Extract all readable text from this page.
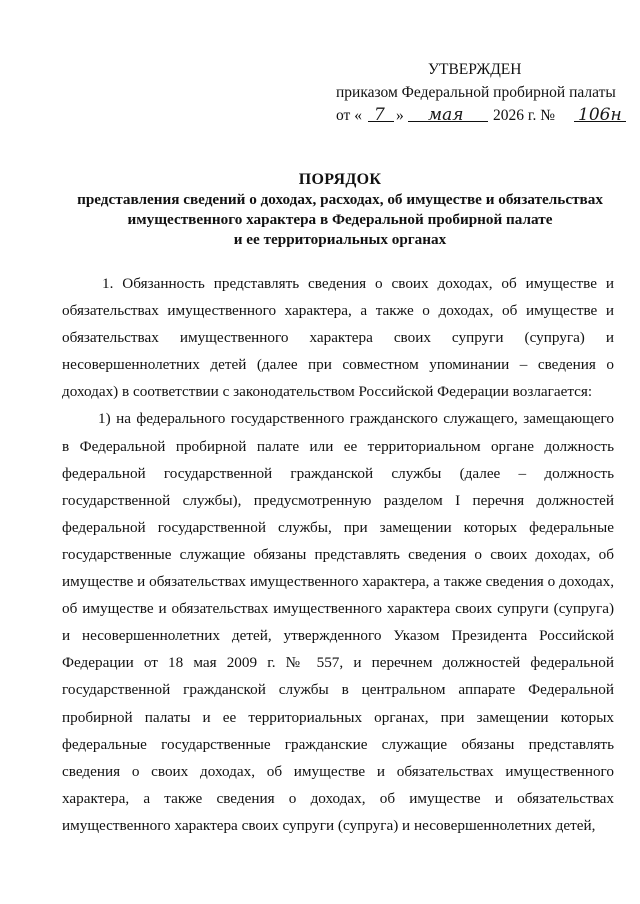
УТВЕРЖДЕН
приказом Федеральной пробирной палаты
от « 7 » мая 2026 г. № 106н
ПОРЯДОК
представления сведений о доходах, расходах, об имуществе и обязательствах
имущественного характера в Федеральной пробирной палате
и ее территориальных органах

1. Обязанность представлять сведения о своих доходах, об имуществе и обязательствах имущественного характера, а также о доходах, об имуществе и обязательствах имущественного характера своих супруги (супруга) и несовершеннолетних детей (далее при совместном упоминании – сведения о доходах) в соответствии с законодательством Российской Федерации возлагается:

1) на федерального государственного гражданского служащего, замещающего в Федеральной пробирной палате или ее территориальном органе должность федеральной государственной гражданской службы (далее – должность государственной службы), предусмотренную разделом I перечня должностей федеральной государственной службы, при замещении которых федеральные государственные служащие обязаны представлять сведения о своих доходах, об имуществе и обязательствах имущественного характера, а также сведения о доходах, об имуществе и обязательствах имущественного характера своих супруги (супруга) и несовершеннолетних детей, утвержденного Указом Президента Российской Федерации от 18 мая 2009 г. № 557, и перечнем должностей федеральной государственной гражданской службы в центральном аппарате Федеральной пробирной палаты и ее территориальных органах, при замещении которых федеральные государственные гражданские служащие обязаны представлять сведения о своих доходах, об имуществе и обязательствах имущественного характера, а также сведения о доходах, об имуществе и обязательствах имущественного характера своих супруги (супруга) и несовершеннолетних детей,
